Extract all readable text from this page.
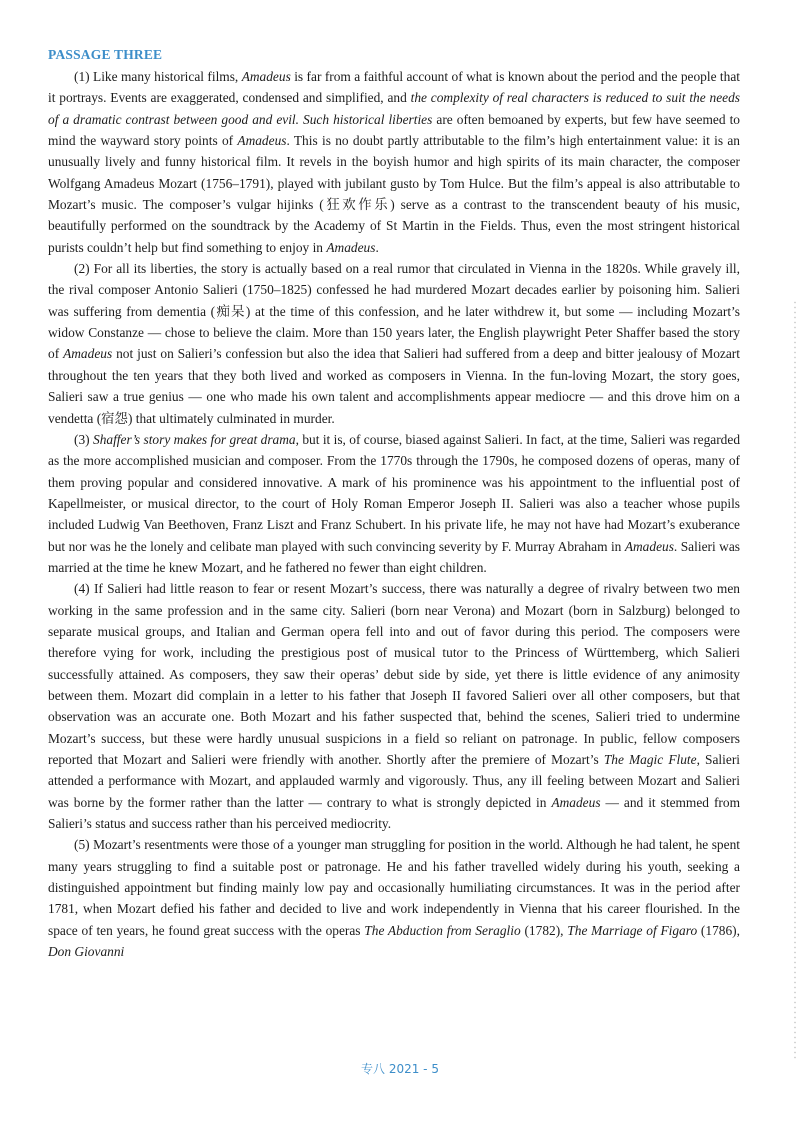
PASSAGE THREE

(1) Like many historical films, Amadeus is far from a faithful account of what is known about the period and the people that it portrays. Events are exaggerated, condensed and simplified, and the complexity of real characters is reduced to suit the needs of a dramatic contrast between good and evil. Such historical liberties are often bemoaned by experts, but few have seemed to mind the wayward story points of Amadeus. This is no doubt partly attributable to the film’s high entertainment value: it is an unusually lively and funny historical film. It revels in the boyish humor and high spirits of its main character, the composer Wolfgang Amadeus Mozart (1756–1791), played with jubilant gusto by Tom Hulce. But the film’s appeal is also attributable to Mozart’s music. The composer’s vulgar hijinks (狂欢作乐) serve as a contrast to the transcendent beauty of his music, beautifully performed on the soundtrack by the Academy of St Martin in the Fields. Thus, even the most stringent historical purists couldn’t help but find something to enjoy in Amadeus.

(2) For all its liberties, the story is actually based on a real rumor that circulated in Vienna in the 1820s. While gravely ill, the rival composer Antonio Salieri (1750–1825) confessed he had murdered Mozart decades earlier by poisoning him. Salieri was suffering from dementia (痴呆) at the time of this confession, and he later withdrew it, but some — including Mozart’s widow Constanze — chose to believe the claim. More than 150 years later, the English playwright Peter Shaffer based the story of Amadeus not just on Salieri’s confession but also the idea that Salieri had suffered from a deep and bitter jealousy of Mozart throughout the ten years that they both lived and worked as composers in Vienna. In the fun-loving Mozart, the story goes, Salieri saw a true genius — one who made his own talent and accomplishments appear mediocre — and this drove him on a vendetta (宿怨) that ultimately culminated in murder.

(3) Shaffer’s story makes for great drama, but it is, of course, biased against Salieri. In fact, at the time, Salieri was regarded as the more accomplished musician and composer. From the 1770s through the 1790s, he composed dozens of operas, many of them proving popular and considered innovative. A mark of his prominence was his appointment to the influential post of Kapellmeister, or musical director, to the court of Holy Roman Emperor Joseph II. Salieri was also a teacher whose pupils included Ludwig Van Beethoven, Franz Liszt and Franz Schubert. In his private life, he may not have had Mozart’s exuberance but nor was he the lonely and celibate man played with such convincing severity by F. Murray Abraham in Amadeus. Salieri was married at the time he knew Mozart, and he fathered no fewer than eight children.

(4) If Salieri had little reason to fear or resent Mozart’s success, there was naturally a degree of rivalry between two men working in the same profession and in the same city. Salieri (born near Verona) and Mozart (born in Salzburg) belonged to separate musical groups, and Italian and German opera fell into and out of favor during this period. The composers were therefore vying for work, including the prestigious post of musical tutor to the Princess of Württemberg, which Salieri successfully attained. As composers, they saw their operas’ debut side by side, yet there is little evidence of any animosity between them. Mozart did complain in a letter to his father that Joseph II favored Salieri over all other composers, but that observation was an accurate one. Both Mozart and his father suspected that, behind the scenes, Salieri tried to undermine Mozart’s success, but these were hardly unusual suspicions in a field so reliant on patronage. In public, fellow composers reported that Mozart and Salieri were friendly with another. Shortly after the premiere of Mozart’s The Magic Flute, Salieri attended a performance with Mozart, and applauded warmly and vigorously. Thus, any ill feeling between Mozart and Salieri was borne by the former rather than the latter — contrary to what is strongly depicted in Amadeus — and it stemmed from Salieri’s status and success rather than his perceived mediocrity.

(5) Mozart’s resentments were those of a younger man struggling for position in the world. Although he had talent, he spent many years struggling to find a suitable post or patronage. He and his father travelled widely during his youth, seeking a distinguished appointment but finding mainly low pay and occasionally humiliating circumstances. It was in the period after 1781, when Mozart defied his father and decided to live and work independently in Vienna that his career flourished. In the space of ten years, he found great success with the operas The Abduction from Seraglio (1782), The Marriage of Figaro (1786), Don Giovanni

专八 2021 - 5
